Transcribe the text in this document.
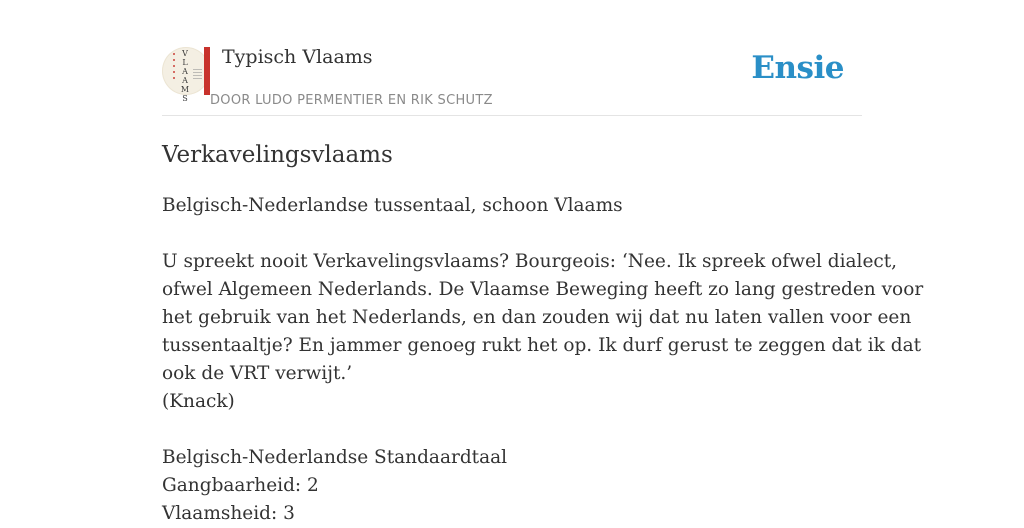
V
L
A
A
M
S
Typisch Vlaams
DOOR LUDO PERMENTIER EN RIK SCHUTZ
Ensie
Verkavelingsvlaams
Belgisch-Nederlandse tussentaal, schoon Vlaams
U spreekt nooit Verkavelingsvlaams? Bourgeois: ‘Nee. Ik spreek ofwel dialect,
ofwel Algemeen Nederlands. De Vlaamse Beweging heeft zo lang gestreden voor
het gebruik van het Nederlands, en dan zouden wij dat nu laten vallen voor een
tussentaaltje? En jammer genoeg rukt het op. Ik durf gerust te zeggen dat ik dat
ook de VRT verwijt.’
(Knack)
Belgisch-Nederlandse Standaardtaal
Gangbaarheid: 2
Vlaamsheid: 3
